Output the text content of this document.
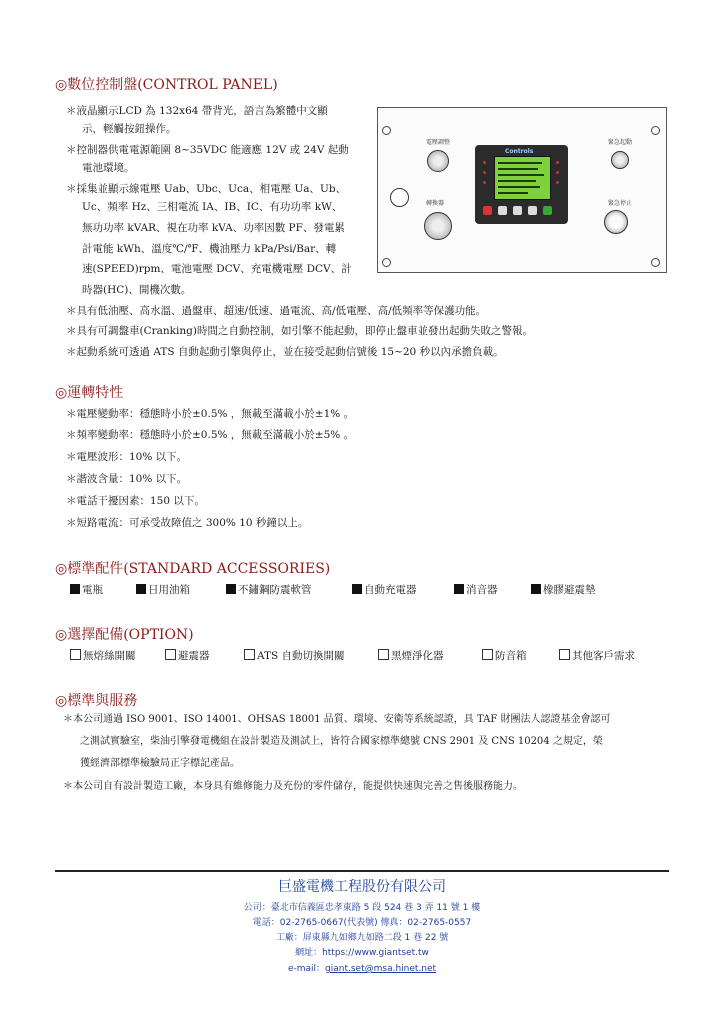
◎數位控制盤(CONTROL PANEL)
＊液晶顯示LCD 為 132x64 帶背光，語言為繁體中文顯
示，輕觸按鈕操作。
＊控制器供電電源範圍 8~35VDC 能適應 12V 或 24V 起動
電池環境。
＊採集並顯示線電壓 Uab、Ubc、Uca、相電壓 Ua、Ub、
Uc、頻率 Hz、三相電流 IA、IB、IC、有功功率 kW、
無功功率 kVAR、視在功率 kVA、功率因數 PF、發電累
計電能 kWh、溫度℃/℉、機油壓力 kPa/Psi/Bar、轉
速(SPEED)rpm、電池電壓 DCV、充電機電壓 DCV、計
時器(HC)、開機次數。
＊具有低油壓、高水溫、過盤車、超速/低速、過電流、高/低電壓、高/低頻率等保護功能。
＊具有可調盤車(Cranking)時間之自動控制，如引擎不能起動，即停止盤車並發出起動失敗之警報。
＊起動系統可透過 ATS 自動起動引擎與停止，並在接受起動信號後 15~20 秒以內承擔負載。
電壓調整
轉換器
Controls
緊急起動
緊急停止
◎運轉特性
＊電壓變動率：穩態時小於±0.5% ，無載至滿載小於±1% 。
＊頻率變動率：穩態時小於±0.5% ，無載至滿載小於±5% 。
＊電壓波形：10% 以下。
＊諧波含量：10% 以下。
＊電話干擾因素：150 以下。
＊短路電流：可承受故障值之 300% 10 秒鐘以上。
◎標準配件(STANDARD ACCESSORIES)
電瓶	日用油箱	不鏽鋼防震軟管	自動充電器	消音器	橡膠避震墊
◎選擇配備(OPTION)
無熔絲開關	避震器	ATS 自動切換開關	黑煙淨化器	防音箱	其他客戶需求
◎標準與服務
＊本公司通過 ISO 9001、ISO 14001、OHSAS 18001 品質、環境、安衛等系統認證，具 TAF 財團法人認證基金會認可
之測試實驗室，柴油引擎發電機組在設計製造及測試上，皆符合國家標準總號 CNS 2901 及 CNS 10204 之規定，榮
獲經濟部標準檢驗局正字標記產品。
＊本公司自有設計製造工廠，本身具有維修能力及充份的零件儲存，能提供快速與完善之售後服務能力。
巨盛電機工程股份有限公司
公司：臺北市信義區忠孝東路 5 段 524 巷 3 弄 11 號 1 樓
電話：02-2765-0667(代表號) 傳真：02-2765-0557
工廠：屏東縣九如鄉九如路二段 1 巷 22 號
網址：https://www.giantset.tw
e-mail：giant.set@msa.hinet.net
